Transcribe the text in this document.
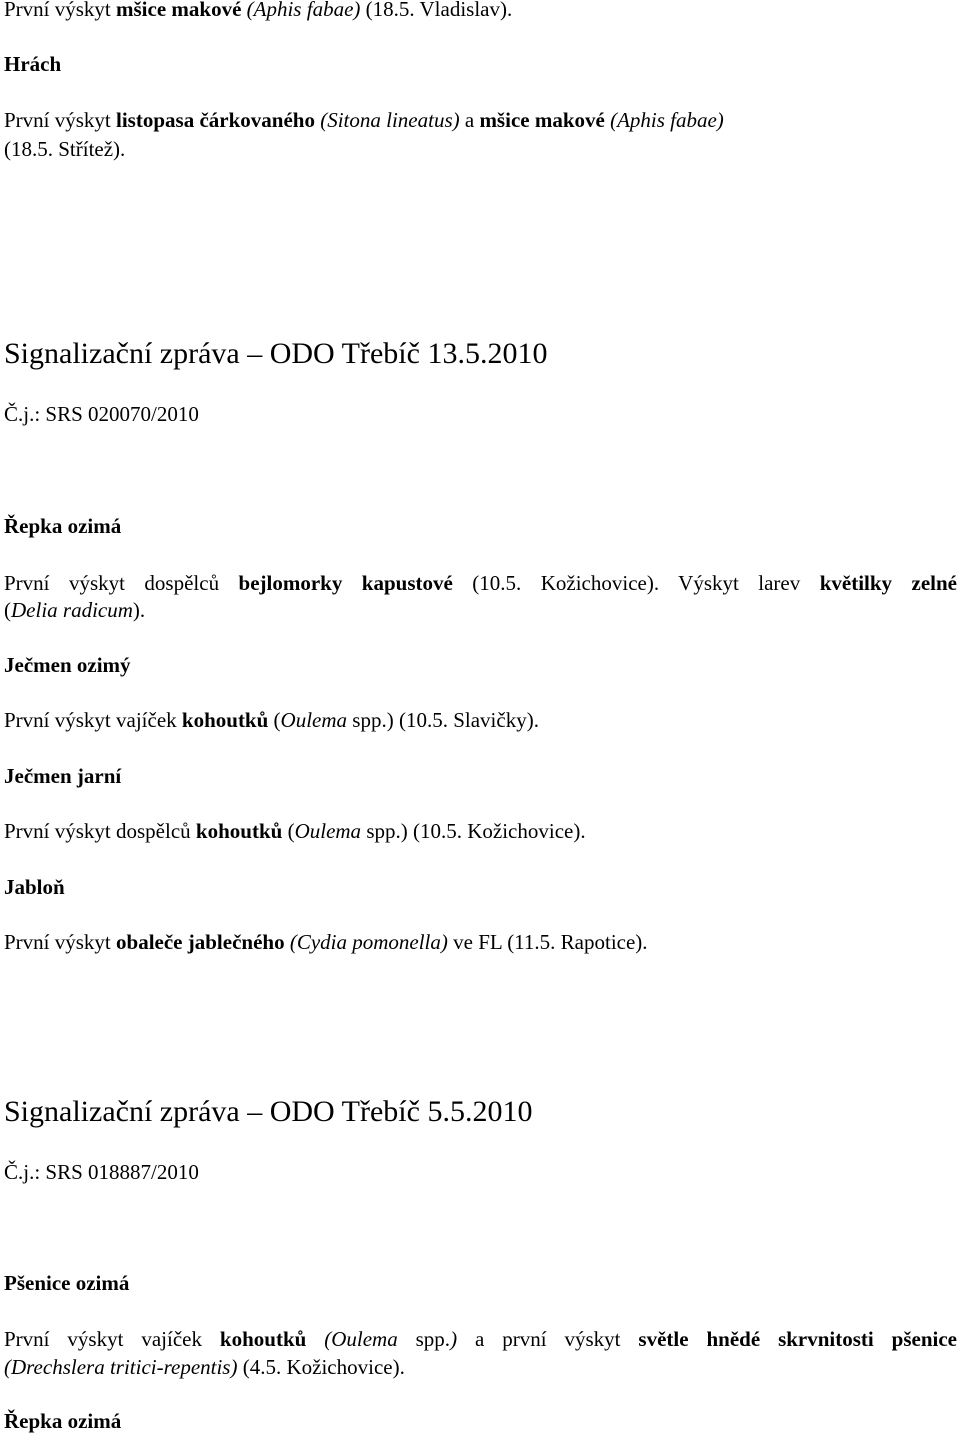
První výskyt mšice makové (Aphis fabae) (18.5. Vladislav).
Hrách
První výskyt listopasa čárkovaného (Sitona lineatus) a mšice makové (Aphis fabae)
(18.5. Střítež).
Signalizační zpráva – ODO Třebíč 13.5.2010
Č.j.: SRS 020070/2010
Řepka ozimá
První výskyt dospělců bejlomorky kapustové (10.5. Kožichovice). Výskyt larev květilky zelné
(Delia radicum).
Ječmen ozimý
První výskyt vajíček kohoutků (Oulema spp.) (10.5. Slavičky).
Ječmen jarní
První výskyt dospělců kohoutků (Oulema spp.) (10.5. Kožichovice).
Jabloň
První výskyt obaleče jablečného (Cydia pomonella) ve FL (11.5. Rapotice).
Signalizační zpráva – ODO Třebíč 5.5.2010
Č.j.: SRS 018887/2010
Pšenice ozimá
První výskyt vajíček kohoutků (Oulema spp.) a první výskyt světle hnědé skrvnitosti pšenice
(Drechslera tritici-repentis) (4.5. Kožichovice).
Řepka ozimá
